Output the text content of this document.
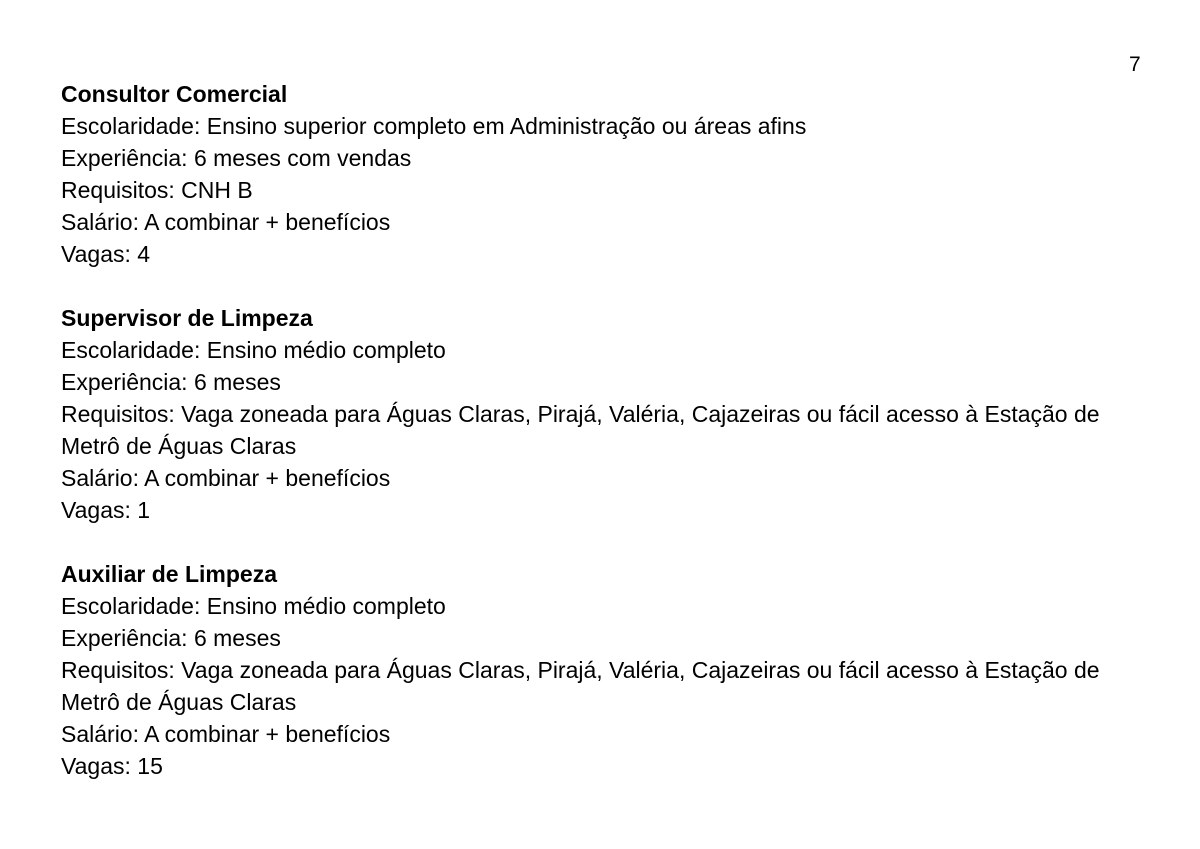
7
Consultor Comercial
Escolaridade: Ensino superior completo em Administração ou áreas afins
Experiência: 6 meses com vendas
Requisitos: CNH B
Salário: A combinar + benefícios
Vagas: 4
Supervisor de Limpeza
Escolaridade: Ensino médio completo
Experiência: 6 meses
Requisitos: Vaga zoneada para Águas Claras, Pirajá, Valéria, Cajazeiras ou fácil acesso à Estação de Metrô de Águas Claras
Salário: A combinar + benefícios
Vagas: 1
Auxiliar de Limpeza
Escolaridade: Ensino médio completo
Experiência: 6 meses
Requisitos: Vaga zoneada para Águas Claras, Pirajá, Valéria, Cajazeiras ou fácil acesso à Estação de Metrô de Águas Claras
Salário: A combinar + benefícios
Vagas: 15
